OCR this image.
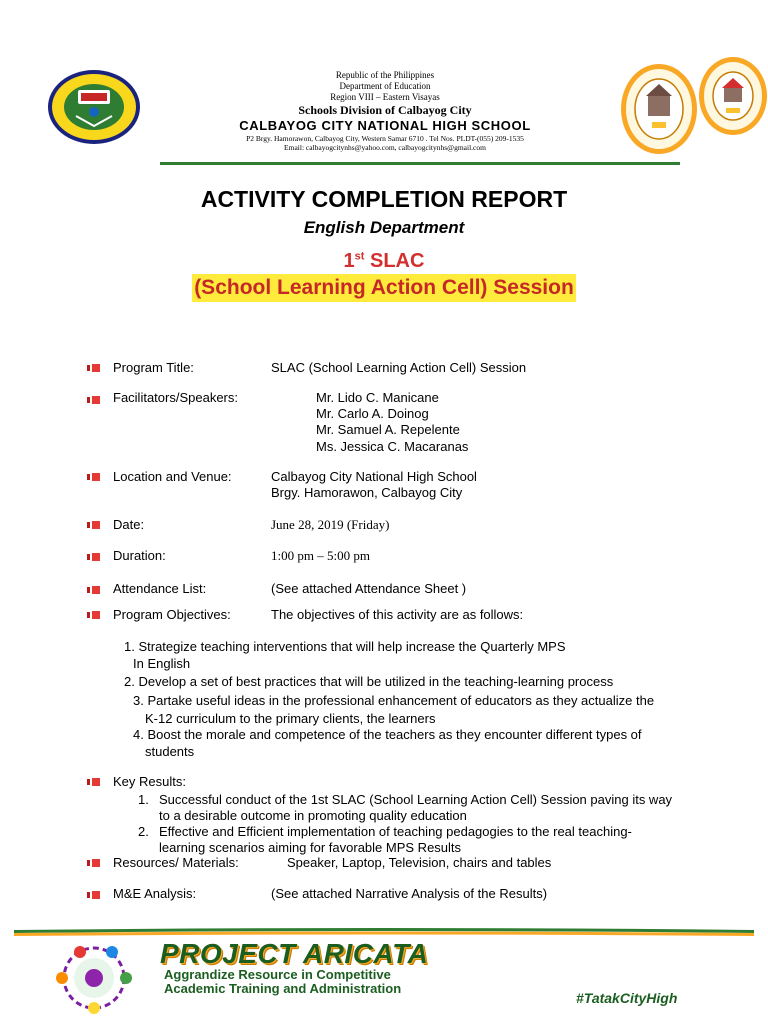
Republic of the Philippines
Department of Education
Region VIII – Eastern Visayas
Schools Division of Calbayog City
CALBAYOG CITY NATIONAL HIGH SCHOOL
P2 Brgy. Hamorawon, Calbayog City, Western Samar 6710 . Tel Nos. PLDT-(055) 209-1535
Email: calbayogcitynhs@yahoo.com, calbayogcitynhs@gmail.com
ACTIVITY COMPLETION REPORT
English Department
1st SLAC
(School Learning Action Cell) Session
Program Title:	SLAC (School Learning Action Cell) Session
Facilitators/Speakers:	Mr. Lido C. Manicane
Mr. Carlo A. Doinog
Mr. Samuel A. Repelente
Ms. Jessica C. Macaranas
Location and Venue:	Calbayog City National High School
Brgy. Hamorawon, Calbayog City
Date:	June 28, 2019 (Friday)
Duration:	1:00 pm – 5:00 pm
Attendance List:	(See attached Attendance Sheet )
Program Objectives:	The objectives of this activity are as follows:
1. Strategize teaching interventions that will help increase the Quarterly MPS
In English
2. Develop a set of best practices that will be utilized in the teaching-learning process
3. Partake useful ideas in the professional enhancement of educators as they actualize the
K-12 curriculum to the primary clients, the learners
4. Boost the morale and competence of the teachers as they encounter different types of
students
Key Results:
1. Successful conduct of the 1st SLAC (School Learning Action Cell) Session paving its way
to a desirable outcome in promoting quality education
2. Effective and Efficient implementation of teaching pedagogies to the real teaching-
learning scenarios aiming for favorable MPS Results
Resources/ Materials:	Speaker, Laptop, Television, chairs and tables
M&E Analysis:	(See attached Narrative Analysis of the Results)
PROJECT ARICATA
Aggrandize Resource in Competitive
Academic Training and Administration
#TatakCityHigh
